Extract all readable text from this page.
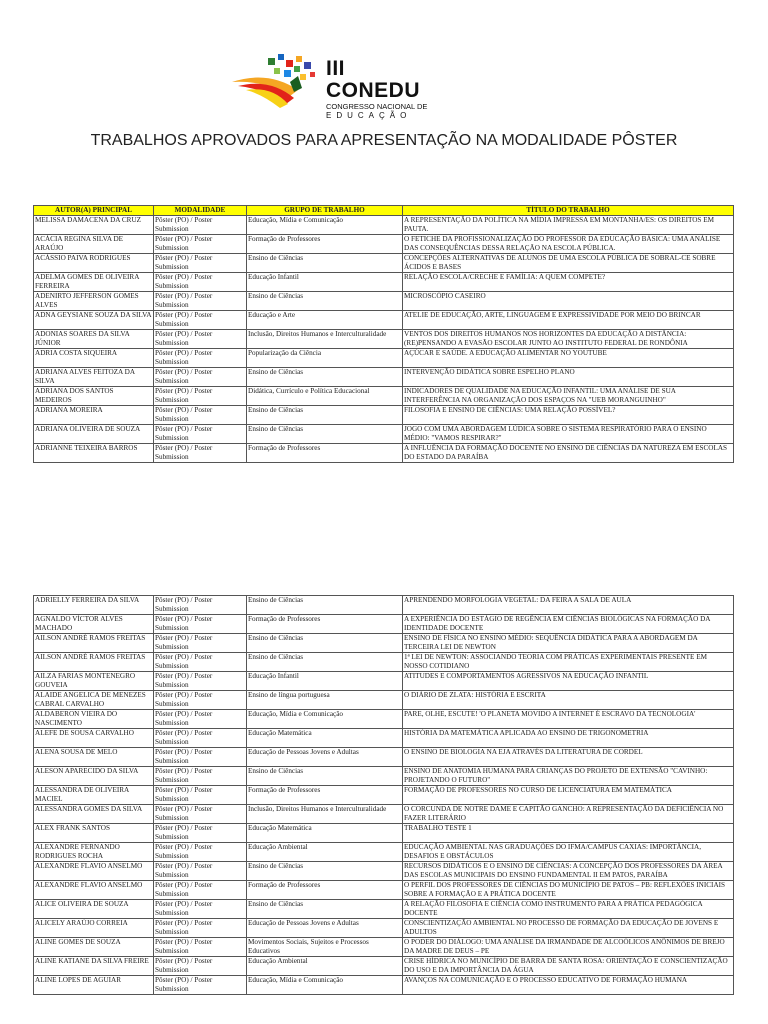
III CONEDU
CONGRESSO NACIONAL DE
EDUCAÇÃO
TRABALHOS APROVADOS PARA APRESENTAÇÃO NA MODALIDADE PÔSTER
AUTOR(A) PRINCIPAL	MODALIDADE	GRUPO DE TRABALHO	TÍTULO DO TRABALHO
MELISSA DAMACENA DA CRUZ	Pôster (PO) / Poster Submission	Educação, Mídia e Comunicação	A REPRESENTAÇÃO DA POLÍTICA NA MÍDIA IMPRESSA EM MONTANHA/ES: OS DIREITOS EM PAUTA.
ACÁCIA REGINA SILVA DE ARAÚJO	Pôster (PO) / Poster Submission	Formação de Professores	O FETICHE DA PROFISSIONALIZAÇÃO DO PROFESSOR DA EDUCAÇÃO BÁSICA: UMA ANÁLISE DAS CONSEQUÊNCIAS DESSA RELAÇÃO NA ESCOLA PÚBLICA.
ACÁSSIO PAIVA RODRIGUES	Pôster (PO) / Poster Submission	Ensino de Ciências	CONCEPÇÕES ALTERNATIVAS DE ALUNOS DE UMA ESCOLA PÚBLICA DE SOBRAL-CE SOBRE ÁCIDOS E BASES
ADELMA GOMES DE OLIVEIRA FERREIRA	Pôster (PO) / Poster Submission	Educação Infantil	RELAÇÃO ESCOLA/CRECHE E FAMÍLIA: A QUEM COMPETE?
ADENIRTO JEFFERSON GOMES ALVES	Pôster (PO) / Poster Submission	Ensino de Ciências	MICROSCÓPIO CASEIRO
ADNA GEYSIANE SOUZA DA SILVA	Pôster (PO) / Poster Submission	Educação e Arte	ATELIE DE EDUCAÇÃO, ARTE, LINGUAGEM E EXPRESSIVIDADE POR MEIO DO BRINCAR
ADONIAS SOARES DA SILVA JÚNIOR	Pôster (PO) / Poster Submission	Inclusão, Direitos Humanos e Interculturalidade	VENTOS DOS DIREITOS HUMANOS NOS HORIZONTES DA EDUCAÇÃO A DISTÂNCIA: (RE)PENSANDO A EVASÃO ESCOLAR JUNTO AO INSTITUTO FEDERAL DE RONDÔNIA
ADRIA COSTA SIQUEIRA	Pôster (PO) / Poster Submission	Popularização da Ciência	AÇÚCAR E SAÚDE. A EDUCAÇÃO ALIMENTAR NO YOUTUBE
ADRIANA ALVES FEITOZA DA SILVA	Pôster (PO) / Poster Submission	Ensino de Ciências	INTERVENÇÃO DIDÁTICA SOBRE ESPELHO PLANO
ADRIANA DOS SANTOS MEDEIROS	Pôster (PO) / Poster Submission	Didática, Currículo e Política Educacional	INDICADORES DE QUALIDADE NA EDUCAÇÃO INFANTIL: UMA ANÁLISE DE SUA INTERFERÊNCIA NA ORGANIZAÇÃO DOS ESPAÇOS NA "UEB MORANGUINHO"
ADRIANA MOREIRA	Pôster (PO) / Poster Submission	Ensino de Ciências	FILOSOFIA E ENSINO DE CIÊNCIAS: UMA RELAÇÃO POSSÍVEL?
ADRIANA OLIVEIRA DE SOUZA	Pôster (PO) / Poster Submission	Ensino de Ciências	JOGO COM UMA ABORDAGEM LÚDICA SOBRE O SISTEMA RESPIRATÓRIO PARA O ENSINO MÉDIO: "VAMOS RESPIRAR?"
ADRIANNE TEIXEIRA BARROS	Pôster (PO) / Poster Submission	Formação de Professores	A INFLUÊNCIA DA FORMAÇÃO DOCENTE NO ENSINO DE CIÊNCIAS DA NATUREZA EM ESCOLAS DO ESTADO DA PARAÍBA
ADRIELLY FERREIRA DA SILVA	Pôster (PO) / Poster Submission	Ensino de Ciências	APRENDENDO MORFOLOGIA VEGETAL: DA FEIRA A SALA DE AULA
AGNALDO VÍCTOR ALVES MACHADO	Pôster (PO) / Poster Submission	Formação de Professores	A EXPERIÊNCIA DO ESTÁGIO DE REGÊNCIA EM CIÊNCIAS BIOLÓGICAS NA FORMAÇÃO DA IDENTIDADE DOCENTE
AILSON ANDRÉ RAMOS FREITAS	Pôster (PO) / Poster Submission	Ensino de Ciências	ENSINO DE FÍSICA NO ENSINO MÉDIO: SEQUÊNCIA DIDÁTICA PARA A ABORDAGEM DA TERCEIRA LEI DE NEWTON
AILSON ANDRÉ RAMOS FREITAS	Pôster (PO) / Poster Submission	Ensino de Ciências	1ª LEI DE NEWTON: ASSOCIANDO TEORIA COM PRÁTICAS EXPERIMENTAIS PRESENTE EM NOSSO COTIDIANO
AILZA FARIAS MONTENEGRO GOUVEIA	Pôster (PO) / Poster Submission	Educação Infantil	ATITUDES E COMPORTAMENTOS AGRESSIVOS NA EDUCAÇÃO INFANTIL
ALAIDE ANGELICA DE MENEZES CABRAL CARVALHO	Pôster (PO) / Poster Submission	Ensino de língua portuguesa	O DIÁRIO DE ZLATA: HISTÓRIA E ESCRITA
ALDABERON VIEIRA DO NASCIMENTO	Pôster (PO) / Poster Submission	Educação, Mídia e Comunicação	PARE, OLHE, ESCUTE! 'O PLANETA MOVIDO A INTERNET É ESCRAVO DA TECNOLOGIA'
ALEFE DE SOUSA CARVALHO	Pôster (PO) / Poster Submission	Educação Matemática	HISTÓRIA DA MATEMÁTICA APLICADA AO ENSINO DE TRIGONOMETRIA
ALENA SOUSA DE MELO	Pôster (PO) / Poster Submission	Educação de Pessoas Jovens e Adultas	O ENSINO DE BIOLOGIA NA EJA ATRAVÉS DA LITERATURA DE CORDEL
ALESON APARECIDO DA SILVA	Pôster (PO) / Poster Submission	Ensino de Ciências	ENSINO DE ANATOMIA HUMANA PARA CRIANÇAS DO PROJETO DE EXTENSÃO "CAVINHO: PROJETANDO O FUTURO"
ALESSANDRA DE OLIVEIRA MACIEL	Pôster (PO) / Poster Submission	Formação de Professores	FORMAÇÃO DE PROFESSORES NO CURSO DE LICENCIATURA EM MATEMÁTICA
ALESSANDRA GOMES DA SILVA	Pôster (PO) / Poster Submission	Inclusão, Direitos Humanos e Interculturalidade	O CORCUNDA DE NOTRE DAME E CAPITÃO GANCHO: A REPRESENTAÇÃO DA DEFICIÊNCIA NO FAZER LITERÁRIO
ALEX FRANK SANTOS	Pôster (PO) / Poster Submission	Educação Matemática	TRABALHO TESTE 1
ALEXANDRE FERNANDO RODRIGUES ROCHA	Pôster (PO) / Poster Submission	Educação Ambiental	EDUCAÇÃO AMBIENTAL NAS GRADUAÇÕES DO IFMA/CAMPUS CAXIAS: IMPORTÂNCIA, DESAFIOS E OBSTÁCULOS
ALEXANDRE FLAVIO ANSELMO	Pôster (PO) / Poster Submission	Ensino de Ciências	RECURSOS DIDÁTICOS E O ENSINO DE CIÊNCIAS: A CONCEPÇÃO DOS PROFESSORES DA ÁREA DAS ESCOLAS MUNICIPAIS DO ENSINO FUNDAMENTAL II EM PATOS, PARAÍBA
ALEXANDRE FLAVIO ANSELMO	Pôster (PO) / Poster Submission	Formação de Professores	O PERFIL DOS PROFESSORES DE CIÊNCIAS DO MUNICÍPIO DE PATOS – PB: REFLEXÕES INICIAIS SOBRE A FORMAÇÃO E A PRÁTICA DOCENTE
ALICE OLIVEIRA DE SOUZA	Pôster (PO) / Poster Submission	Ensino de Ciências	A RELAÇÃO FILOSOFIA E CIÊNCIA COMO INSTRUMENTO PARA A PRÁTICA PEDAGÓGICA DOCENTE
ALICELY ARAÚJO CORREIA	Pôster (PO) / Poster Submission	Educação de Pessoas Jovens e Adultas	CONSCIENTIZAÇÃO AMBIENTAL NO PROCESSO DE FORMAÇÃO DA EDUCAÇÃO DE JOVENS E ADULTOS
ALINE GOMES DE SOUZA	Pôster (PO) / Poster Submission	Movimentos Sociais, Sujeitos e Processos Educativos	O PODER DO DIÁLOGO: UMA ANÁLISE DA IRMANDADE DE ALCOÓLICOS ANÔNIMOS DE BREJO DA MADRE DE DEUS – PE
ALINE KATIANE DA SILVA FREIRE	Pôster (PO) / Poster Submission	Educação Ambiental	CRISE HÍDRICA NO MUNICÍPIO DE BARRA DE SANTA ROSA: ORIENTAÇÃO E CONSCIENTIZAÇÃO DO USO E DA IMPORTÂNCIA DA ÁGUA
ALINE LOPES DE AGUIAR	Pôster (PO) / Poster Submission	Educação, Mídia e Comunicação	AVANÇOS NA COMUNICAÇÃO E O PROCESSO EDUCATIVO DE FORMAÇÃO HUMANA
